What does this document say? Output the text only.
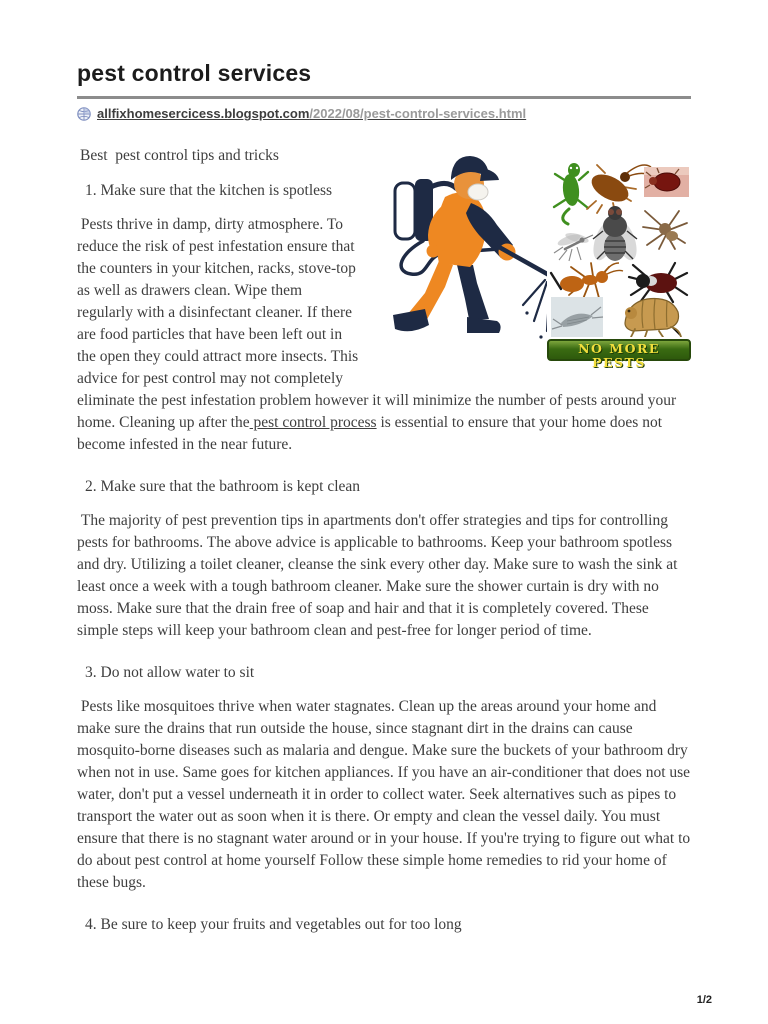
pest control services
allfixhomesercicess.blogspot.com/2022/08/pest-control-services.html
NO MORE PESTS

Best  pest control tips and tricks

1. Make sure that the kitchen is spotless

Pests thrive in damp, dirty atmosphere. To reduce the risk of pest infestation ensure that the counters in your kitchen, racks, stove-top as well as drawers clean. Wipe them regularly with a disinfectant cleaner. If there are food particles that have been left out in the open they could attract more insects. This advice for pest control may not completely eliminate the pest infestation problem however it will minimize the number of pests around your home. Cleaning up after the pest control process is essential to ensure that your home does not become infested in the near future.

2. Make sure that the bathroom is kept clean

The majority of pest prevention tips in apartments don't offer strategies and tips for controlling pests for bathrooms. The above advice is applicable to bathrooms. Keep your bathroom spotless and dry. Utilizing a toilet cleaner, cleanse the sink every other day. Make sure to wash the sink at least once a week with a tough bathroom cleaner. Make sure the shower curtain is dry with no moss. Make sure that the drain free of soap and hair and that it is completely covered. These simple steps will keep your bathroom clean and pest-free for longer period of time.

3. Do not allow water to sit

Pests like mosquitoes thrive when water stagnates. Clean up the areas around your home and make sure the drains that run outside the house, since stagnant dirt in the drains can cause mosquito-borne diseases such as malaria and dengue. Make sure the buckets of your bathroom dry when not in use. Same goes for kitchen appliances. If you have an air-conditioner that does not use water, don't put a vessel underneath it in order to collect water. Seek alternatives such as pipes to transport the water out as soon when it is there. Or empty and clean the vessel daily. You must ensure that there is no stagnant water around or in your house. If you're trying to figure out what to do about pest control at home yourself Follow these simple home remedies to rid your home of these bugs.

4. Be sure to keep your fruits and vegetables out for too long

1/2
